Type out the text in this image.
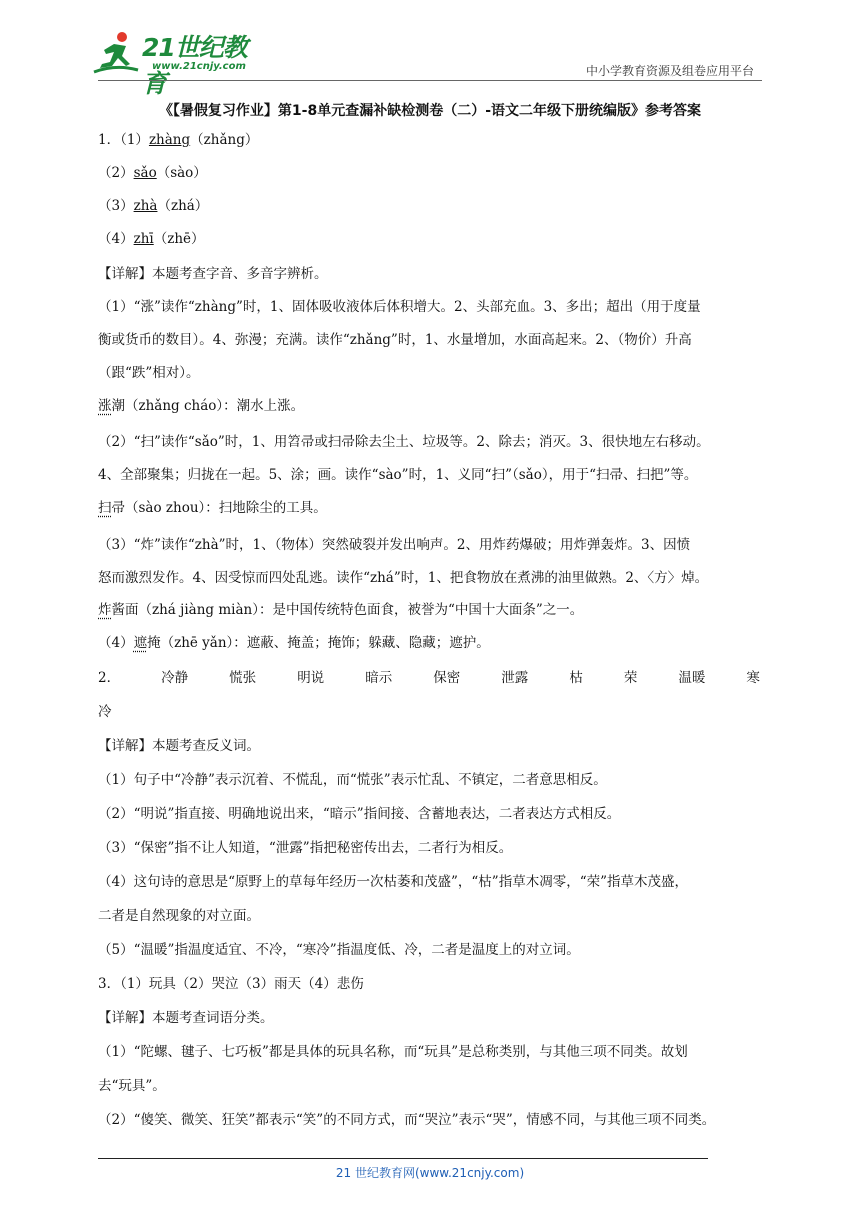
21世纪教育
www.21cnjy.com	中小学教育资源及组卷应用平台
《【暑假复习作业】第1-8单元查漏补缺检测卷（二）-语文二年级下册统编版》参考答案
1．（1）zhàng（zhǎng）
（2）sǎo（sào）
（3）zhà（zhá）
（4）zhī（zhē）
【详解】本题考查字音、多音字辨析。
（1）“涨”读作“zhàng”时，1、固体吸收液体后体积增大。2、头部充血。3、多出；超出（用于度量
衡或货币的数目）。4、弥漫；充满。读作“zhǎng”时，1、水量增加，水面高起来。2、（物价）升高
（跟“跌”相对）。
涨潮（zhǎng cháo）：潮水上涨。
（2）“扫”读作“sǎo”时，1、用笤帚或扫帚除去尘土、垃圾等。2、除去；消灭。3、很快地左右移动。
4、全部聚集；归拢在一起。5、涂；画。读作“sào”时，1、义同“扫”（sǎo），用于“扫帚、扫把”等。
扫帚（sào zhou）：扫地除尘的工具。
（3）“炸”读作“zhà”时，1、（物体）突然破裂并发出响声。2、用炸药爆破；用炸弹轰炸。3、因愤
怒而激烈发作。4、因受惊而四处乱逃。读作“zhá”时，1、把食物放在煮沸的油里做熟。2、〈方〉焯。
炸酱面（zhá jiàng miàn）：是中国传统特色面食，被誉为“中国十大面条”之一。
（4）遮掩（zhē yǎn）：遮蔽、掩盖；掩饰；躲藏、隐藏；遮护。
2．	冷静	慌张	明说	暗示	保密	泄露	枯	荣	温暖	寒
冷
【详解】本题考查反义词。
（1）句子中“冷静”表示沉着、不慌乱，而“慌张”表示忙乱、不镇定，二者意思相反。
（2）“明说”指直接、明确地说出来，“暗示”指间接、含蓄地表达，二者表达方式相反。
（3）“保密”指不让人知道，“泄露”指把秘密传出去，二者行为相反。
（4）这句诗的意思是“原野上的草每年经历一次枯萎和茂盛”，“枯”指草木凋零，“荣”指草木茂盛，
二者是自然现象的对立面。
（5）“温暖”指温度适宜、不冷，“寒冷”指温度低、冷，二者是温度上的对立词。
3．（1）玩具（2）哭泣（3）雨天（4）悲伤
【详解】本题考查词语分类。
（1）“陀螺、毽子、七巧板”都是具体的玩具名称，而“玩具”是总称类别，与其他三项不同类。故划
去“玩具”。
（2）“傻笑、微笑、狂笑”都表示“笑”的不同方式，而“哭泣”表示“哭”，情感不同，与其他三项不同类。
21 世纪教育网(www.21cnjy.com)
